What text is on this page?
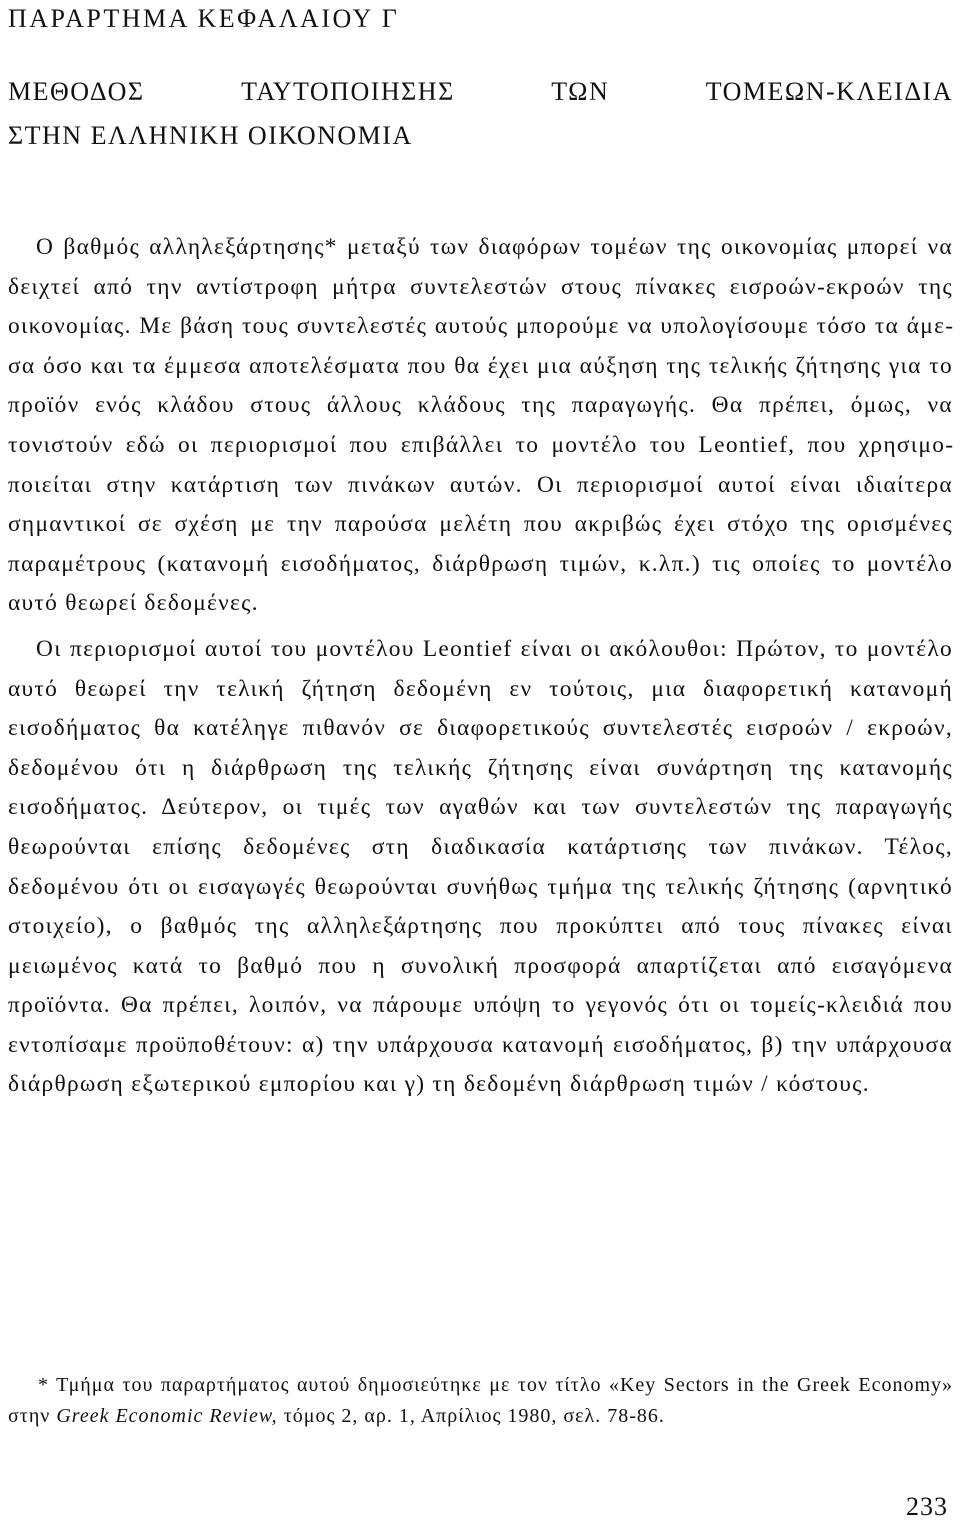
ΠΑΡΑΡΤΗΜΑ ΚΕΦΑΛΑΙΟΥ Γ
ΜΕΘΟΔΟΣ ΤΑΥΤΟΠΟΙΗΣΗΣ ΤΩΝ ΤΟΜΕΩΝ-ΚΛΕΙΔΙΑ
ΣΤΗΝ ΕΛΛΗΝΙΚΗ ΟΙΚΟΝΟΜΙΑ

Ο βαθμός αλληλεξάρτησης* μεταξύ των διαφόρων τομέων της οικονομίας μπορεί να δειχτεί από την αντίστροφη μήτρα συντελεστών στους πίνακες εισροών-εκροών της οικονομίας. Με βάση τους συντελεστές αυτούς μπορούμε να υπολογίσουμε τόσο τα άμεσα όσο και τα έμμεσα αποτελέσματα που θα έχει μια αύξηση της τελικής ζήτησης για το προϊόν ενός κλάδου στους άλλους κλάδους της παραγωγής. Θα πρέπει, όμως, να τονιστούν εδώ οι περιορισμοί που επιβάλλει το μοντέλο του Leontief, που χρησιμοποιείται στην κατάρτιση των πινάκων αυτών. Οι περιορισμοί αυτοί είναι ιδιαίτερα σημαντικοί σε σχέση με την παρούσα μελέτη που ακριβώς έχει στόχο της ορισμένες παραμέτρους (κατανομή εισοδήματος, διάρθρωση τιμών, κ.λπ.) τις οποίες το μοντέλο αυτό θεωρεί δεδομένες.

Οι περιορισμοί αυτοί του μοντέλου Leontief είναι οι ακόλουθοι: Πρώτον, το μοντέλο αυτό θεωρεί την τελική ζήτηση δεδομένη εν τούτοις, μια διαφορετική κατανομή εισοδήματος θα κατέληγε πιθανόν σε διαφορετικούς συντελεστές εισροών / εκροών, δεδομένου ότι η διάρθρωση της τελικής ζήτησης είναι συνάρτηση της κατανομής εισοδήματος. Δεύτερον, οι τιμές των αγαθών και των συντελεστών της παραγωγής θεωρούνται επίσης δεδομένες στη διαδικασία κατάρτισης των πινάκων. Τέλος, δεδομένου ότι οι εισαγωγές θεωρούνται συνήθως τμήμα της τελικής ζήτησης (αρνητικό στοιχείο), ο βαθμός της αλληλεξάρτησης που προκύπτει από τους πίνακες είναι μειωμένος κατά το βαθμό που η συνολική προσφορά απαρτίζεται από εισαγόμενα προϊόντα. Θα πρέπει, λοιπόν, να πάρουμε υπόψη το γεγονός ότι οι τομείς-κλειδιά που εντοπίσαμε προϋποθέτουν: α) την υπάρχουσα κατανομή εισοδήματος, β) την υπάρχουσα διάρθρωση εξωτερικού εμπορίου και γ) τη δεδομένη διάρθρωση τιμών / κόστους.

* Τμήμα του παραρτήματος αυτού δημοσιεύτηκε με τον τίτλο «Key Sectors in the Greek Economy» στην Greek Economic Review, τόμος 2, αρ. 1, Απρίλιος 1980, σελ. 78-86.

233
